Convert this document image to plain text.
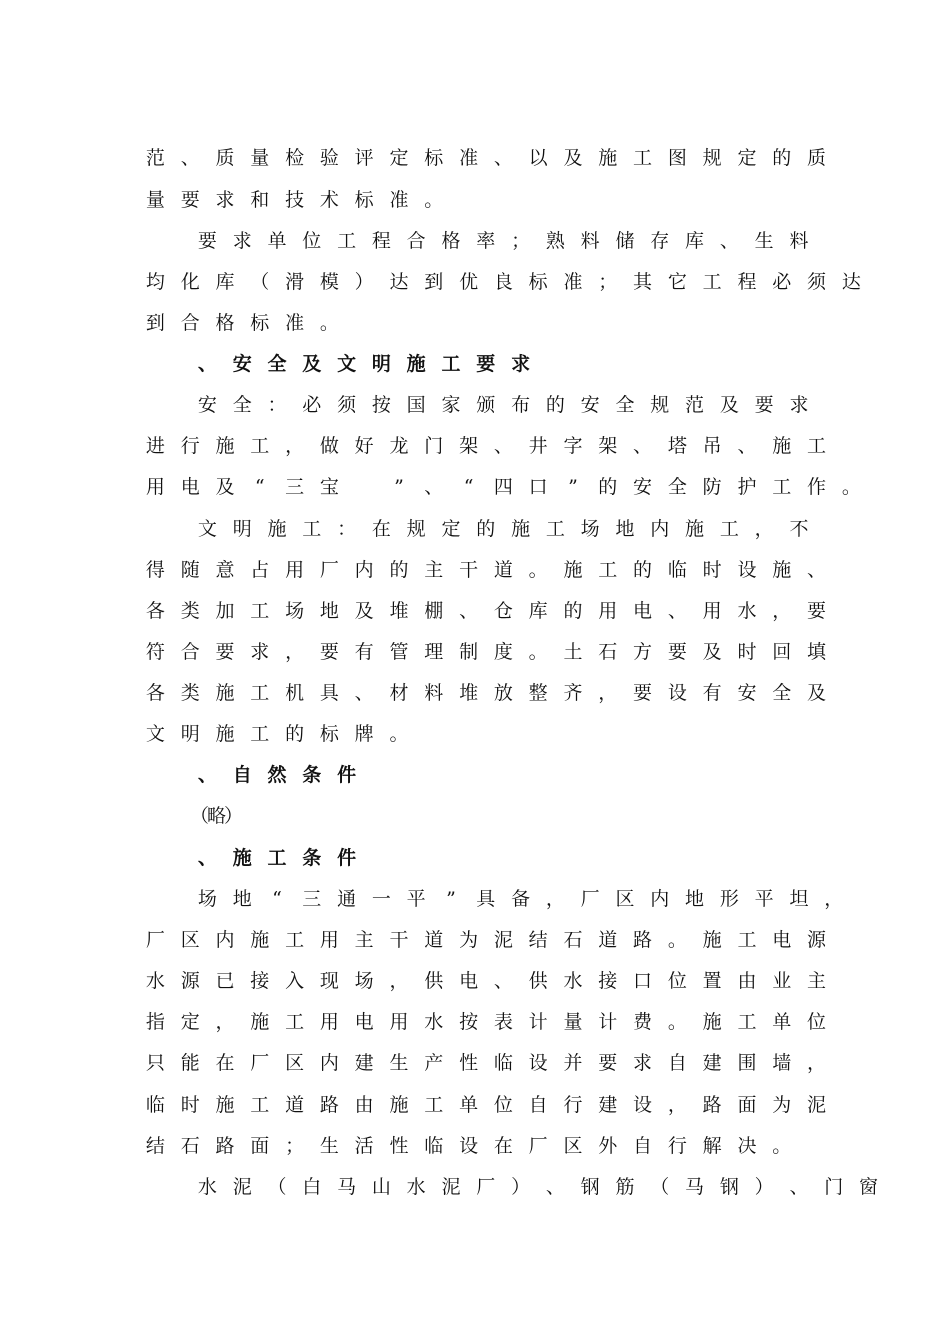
范 、 质 量 检 验 评 定 标 准 、 以 及 施 工 图 规 定 的 质
量 要 求 和 技 术 标 准 。
要 求 单 位 工 程 合 格 率 ； 熟 料 储 存 库 、 生 料
均 化 库 （ 滑 模 ） 达 到 优 良 标 准 ； 其 它 工 程 必 须 达
到 合 格 标 准 。
、 安 全 及 文 明 施 工 要 求
安 全 ： 必 须 按 国 家 颁 布 的 安 全 规 范 及 要 求
进 行 施 工 ， 做 好 龙 门 架 、 井 字 架 、 塔 吊 、 施 工
用 电 及	“	三 宝	”	、	“	四 口	”	的 安 全 防 护 工 作 。
文 明 施 工 ： 在 规 定 的 施 工 场 地 内 施 工 ， 不
得 随 意 占 用 厂 内 的 主 干 道 。 施 工 的 临 时 设 施 、
各 类 加 工 场 地 及 堆 棚 、 仓 库 的 用 电 、 用 水 ， 要
符 合 要 求 ， 要 有 管 理 制 度 。 土 石 方 要 及 时 回 填
各 类 施 工 机 具 、 材 料 堆 放 整 齐 ， 要 设 有 安 全 及
文 明 施 工 的 标 牌 。
、 自 然 条 件
（
略
）
、 施 工 条 件
场 地	“	三 通 一 平	”	具 备 ， 厂 区 内 地 形 平 坦 ，
厂 区 内 施 工 用 主 干 道 为 泥 结 石 道 路 。 施 工 电 源
水 源 已 接 入 现 场 ， 供 电 、 供 水 接 口 位 置 由 业 主
指 定 ， 施 工 用 电 用 水 按 表 计 量 计 费 。 施 工 单 位
只 能 在 厂 区 内 建 生 产 性 临 设 并 要 求 自 建 围 墙 ，
临 时 施 工 道 路 由 施 工 单 位 自 行 建 设 ， 路 面 为 泥
结 石 路 面 ； 生 活 性 临 设 在 厂 区 外 自 行 解 决 。
水 泥 （ 白 马 山 水 泥 厂 ） 、 钢 筋 （ 马 钢 ） 、 门 窗
